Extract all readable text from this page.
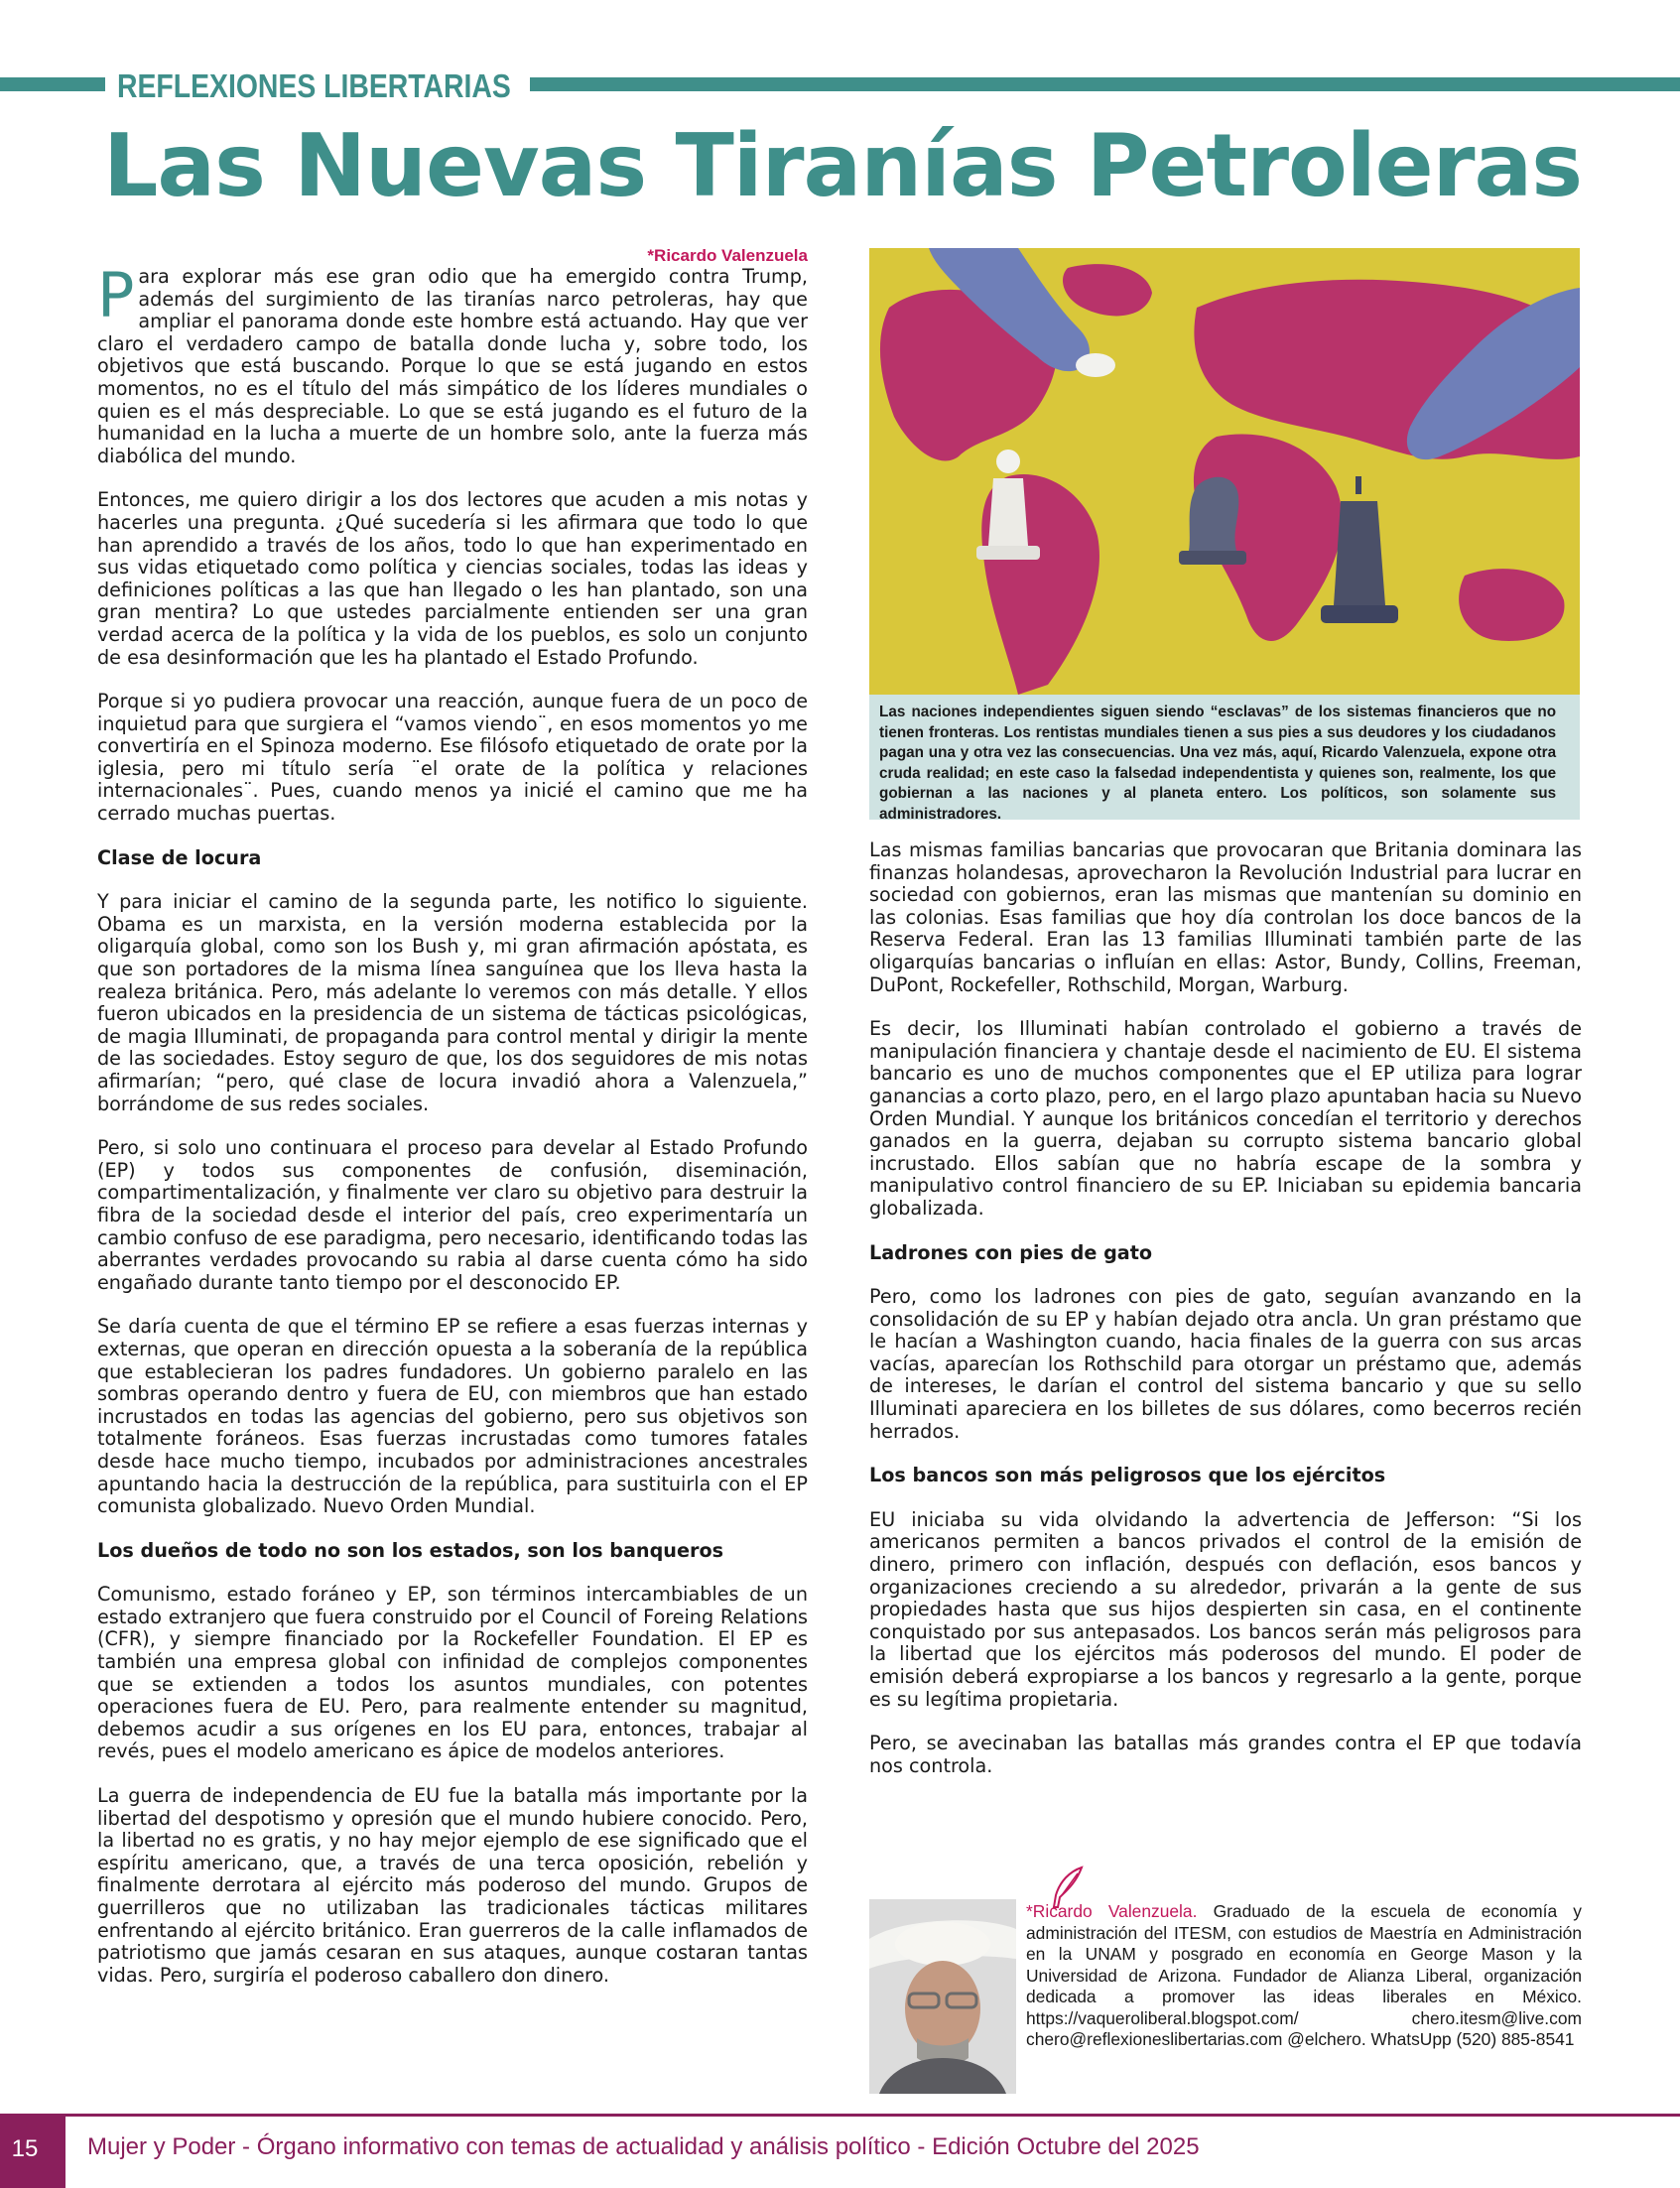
REFLEXIONES LIBERTARIAS
Las Nuevas Tiranías Petroleras
*Ricardo Valenzuela

Para explorar más ese gran odio que ha emergido contra Trump, además del surgimiento de las tiranías narco petroleras, hay que ampliar el panorama donde este hombre está actuando. Hay que ver claro el verdadero campo de batalla donde lucha y, sobre todo, los objetivos que está buscando. Porque lo que se está jugando en estos momentos, no es el título del más simpático de los líderes mundiales o quien es el más despreciable. Lo que se está jugando es el futuro de la humanidad en la lucha a muerte de un hombre solo, ante la fuerza más diabólica del mundo.

Entonces, me quiero dirigir a los dos lectores que acuden a mis notas y hacerles una pregunta. ¿Qué sucedería si les afirmara que todo lo que han aprendido a través de los años, todo lo que han experimentado en sus vidas etiquetado como política y ciencias sociales, todas las ideas y definiciones políticas a las que han llegado o les han plantado, son una gran mentira? Lo que ustedes parcialmente entienden ser una gran verdad acerca de la política y la vida de los pueblos, es solo un conjunto de esa desinformación que les ha plantado el Estado Profundo.

Porque si yo pudiera provocar una reacción, aunque fuera de un poco de inquietud para que surgiera el “vamos viendo¨, en esos momentos yo me convertiría en el Spinoza moderno. Ese filósofo etiquetado de orate por la iglesia, pero mi título sería ¨el orate de la política y relaciones internacionales¨. Pues, cuando menos ya inicié el camino que me ha cerrado muchas puertas.

Clase de locura

Y para iniciar el camino de la segunda parte, les notifico lo siguiente. Obama es un marxista, en la versión moderna establecida por la oligarquía global, como son los Bush y, mi gran afirmación apóstata, es que son portadores de la misma línea sanguínea que los lleva hasta la realeza británica. Pero, más adelante lo veremos con más detalle. Y ellos fueron ubicados en la presidencia de un sistema de tácticas psicológicas, de magia Illuminati, de propaganda para control mental y dirigir la mente de las sociedades. Estoy seguro de que, los dos seguidores de mis notas afirmarían; “pero, qué clase de locura invadió ahora a Valenzuela,” borrándome de sus redes sociales.

Pero, si solo uno continuara el proceso para develar al Estado Profundo (EP) y todos sus componentes de confusión, diseminación, compartimentalización, y finalmente ver claro su objetivo para destruir la fibra de la sociedad desde el interior del país, creo experimentaría un cambio confuso de ese paradigma, pero necesario, identificando todas las aberrantes verdades provocando su rabia al darse cuenta cómo ha sido engañado durante tanto tiempo por el desconocido EP.

Se daría cuenta de que el término EP se refiere a esas fuerzas internas y externas, que operan en dirección opuesta a la soberanía de la república que establecieran los padres fundadores. Un gobierno paralelo en las sombras operando dentro y fuera de EU, con miembros que han estado incrustados en todas las agencias del gobierno, pero sus objetivos son totalmente foráneos. Esas fuerzas incrustadas como tumores fatales desde hace mucho tiempo, incubados por administraciones ancestrales apuntando hacia la destrucción de la república, para sustituirla con el EP comunista globalizado. Nuevo Orden Mundial.

Los dueños de todo no son los estados, son los banqueros

Comunismo, estado foráneo y EP, son términos intercambiables de un estado extranjero que fuera construido por el Council of Foreing Relations (CFR), y siempre financiado por la Rockefeller Foundation. El EP es también una empresa global con infinidad de complejos componentes que se extienden a todos los asuntos mundiales, con potentes operaciones fuera de EU. Pero, para realmente entender su magnitud, debemos acudir a sus orígenes en los EU para, entonces, trabajar al revés, pues el modelo americano es ápice de modelos anteriores.

La guerra de independencia de EU fue la batalla más importante por la libertad del despotismo y opresión que el mundo hubiere conocido. Pero, la libertad no es gratis, y no hay mejor ejemplo de ese significado que el espíritu americano, que, a través de una terca oposición, rebelión y finalmente derrotara al ejército más poderoso del mundo. Grupos de guerrilleros que no utilizaban las tradicionales tácticas militares enfrentando al ejército británico. Eran guerreros de la calle inflamados de patriotismo que jamás cesaran en sus ataques, aunque costaran tantas vidas. Pero, surgiría el poderoso caballero don dinero.

Las naciones independientes siguen siendo “esclavas” de los sistemas financieros que no tienen fronteras. Los rentistas mundiales tienen a sus pies a sus deudores y los ciudadanos pagan una y otra vez las consecuencias. Una vez más, aquí, Ricardo Valenzuela, expone otra cruda realidad; en este caso la falsedad independentista y quienes son, realmente, los que gobiernan a las naciones y al planeta entero. Los políticos, son solamente sus administradores.

Las mismas familias bancarias que provocaran que Britania dominara las finanzas holandesas, aprovecharon la Revolución Industrial para lucrar en sociedad con gobiernos, eran las mismas que mantenían su dominio en las colonias. Esas familias que hoy día controlan los doce bancos de la Reserva Federal. Eran las 13 familias Illuminati también parte de las oligarquías bancarias o influían en ellas: Astor, Bundy, Collins, Freeman, DuPont, Rockefeller, Rothschild, Morgan, Warburg.

Es decir, los Illuminati habían controlado el gobierno a través de manipulación financiera y chantaje desde el nacimiento de EU. El sistema bancario es uno de muchos componentes que el EP utiliza para lograr ganancias a corto plazo, pero, en el largo plazo apuntaban hacia su Nuevo Orden Mundial. Y aunque los británicos concedían el territorio y derechos ganados en la guerra, dejaban su corrupto sistema bancario global incrustado. Ellos sabían que no habría escape de la sombra y manipulativo control financiero de su EP. Iniciaban su epidemia bancaria globalizada.

Ladrones con pies de gato

Pero, como los ladrones con pies de gato, seguían avanzando en la consolidación de su EP y habían dejado otra ancla. Un gran préstamo que le hacían a Washington cuando, hacia finales de la guerra con sus arcas vacías, aparecían los Rothschild para otorgar un préstamo que, además de intereses, le darían el control del sistema bancario y que su sello Illuminati apareciera en los billetes de sus dólares, como becerros recién herrados.

Los bancos son más peligrosos que los ejércitos

EU iniciaba su vida olvidando la advertencia de Jefferson: “Si los americanos permiten a bancos privados el control de la emisión de dinero, primero con inflación, después con deflación, esos bancos y organizaciones creciendo a su alrededor, privarán a la gente de sus propiedades hasta que sus hijos despierten sin casa, en el continente conquistado por sus antepasados. Los bancos serán más peligrosos para la libertad que los ejércitos más poderosos del mundo. El poder de emisión deberá expropiarse a los bancos y regresarlo a la gente, porque es su legítima propietaria.

Pero, se avecinaban las batallas más grandes contra el EP que todavía nos controla.

*Ricardo Valenzuela. Graduado de la escuela de economía y administración del ITESM, con estudios de Maestría en Administración en la UNAM y posgrado en economía en George Mason y la Universidad de Arizona. Fundador de Alianza Liberal, organización dedicada a promover las ideas liberales en México. https://vaqueroliberal.blogspot.com/ chero.itesm@live.com chero@reflexioneslibertarias.com @elchero. WhatsUpp (520) 885-8541
15	Mujer y Poder - Órgano informativo con temas de actualidad y análisis político - Edición Octubre del 2025
